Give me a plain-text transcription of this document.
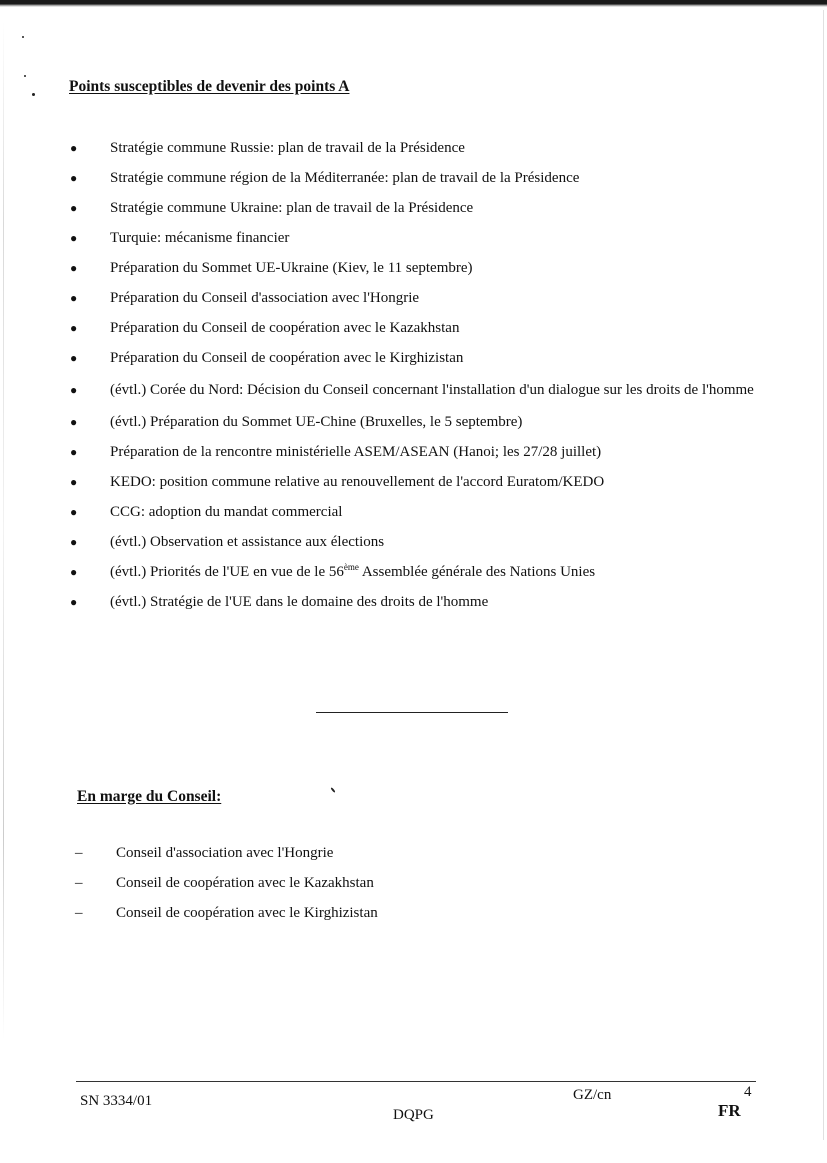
Points susceptibles de devenir des points A
● Stratégie commune Russie: plan de travail de la Présidence
● Stratégie commune région de la Méditerranée: plan de travail de la Présidence
● Stratégie commune Ukraine: plan de travail de la Présidence
● Turquie: mécanisme financier
● Préparation du Sommet UE-Ukraine (Kiev, le 11 septembre)
● Préparation du Conseil d'association avec l'Hongrie
● Préparation du Conseil de coopération avec le Kazakhstan
● Préparation du Conseil de coopération avec le Kirghizistan
● (évtl.) Corée du Nord: Décision du Conseil concernant l'installation d'un dialogue sur les droits de l'homme
● (évtl.) Préparation du Sommet UE-Chine (Bruxelles, le 5 septembre)
● Préparation de la rencontre ministérielle ASEM/ASEAN (Hanoi; les 27/28 juillet)
● KEDO: position commune relative au renouvellement de l'accord Euratom/KEDO
● CCG: adoption du mandat commercial
● (évtl.) Observation et assistance aux élections
● (évtl.) Priorités de l'UE en vue de le 56ème Assemblée générale des Nations Unies
● (évtl.) Stratégie de l'UE dans le domaine des droits de l'homme
En marge du Conseil:
– Conseil d'association avec l'Hongrie
– Conseil de coopération avec le Kazakhstan
– Conseil de coopération avec le Kirghizistan
SN 3334/01	GZ/cn	4
DQPG	FR
